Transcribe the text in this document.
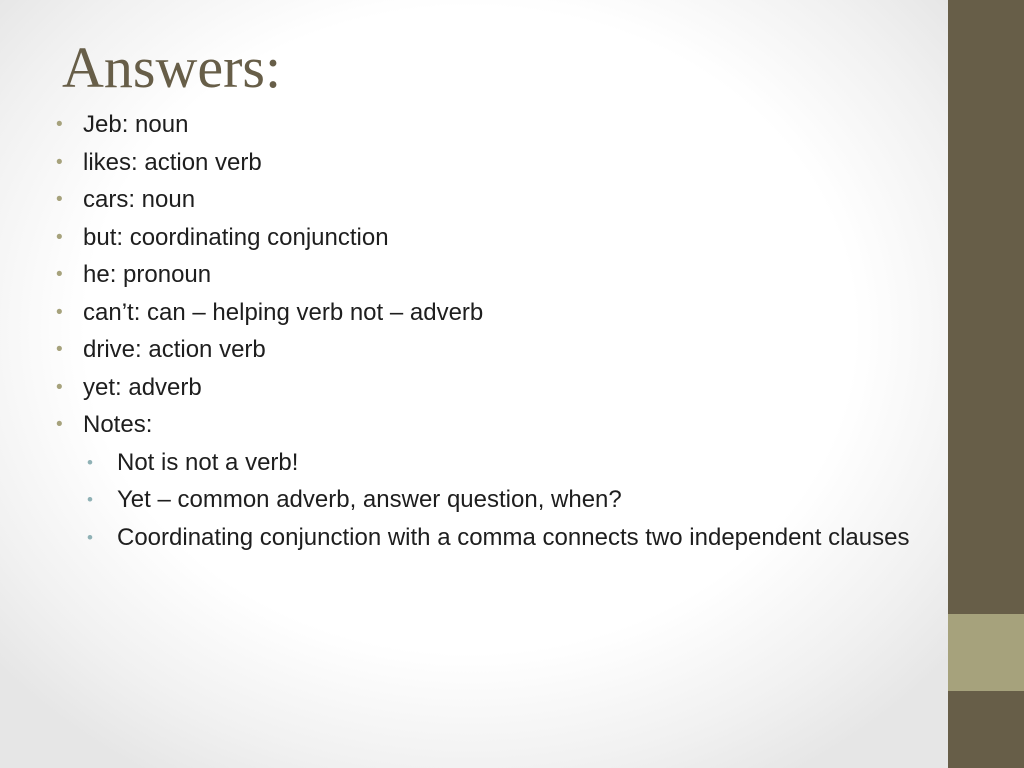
Answers:
• Jeb: noun
• likes: action verb
• cars: noun
• but: coordinating conjunction
• he: pronoun
• can’t: can – helping verb not – adverb
• drive: action verb
• yet: adverb
• Notes:
• Not is not a verb!
• Yet – common adverb, answer question, when?
• Coordinating conjunction with a comma connects two independent clauses
